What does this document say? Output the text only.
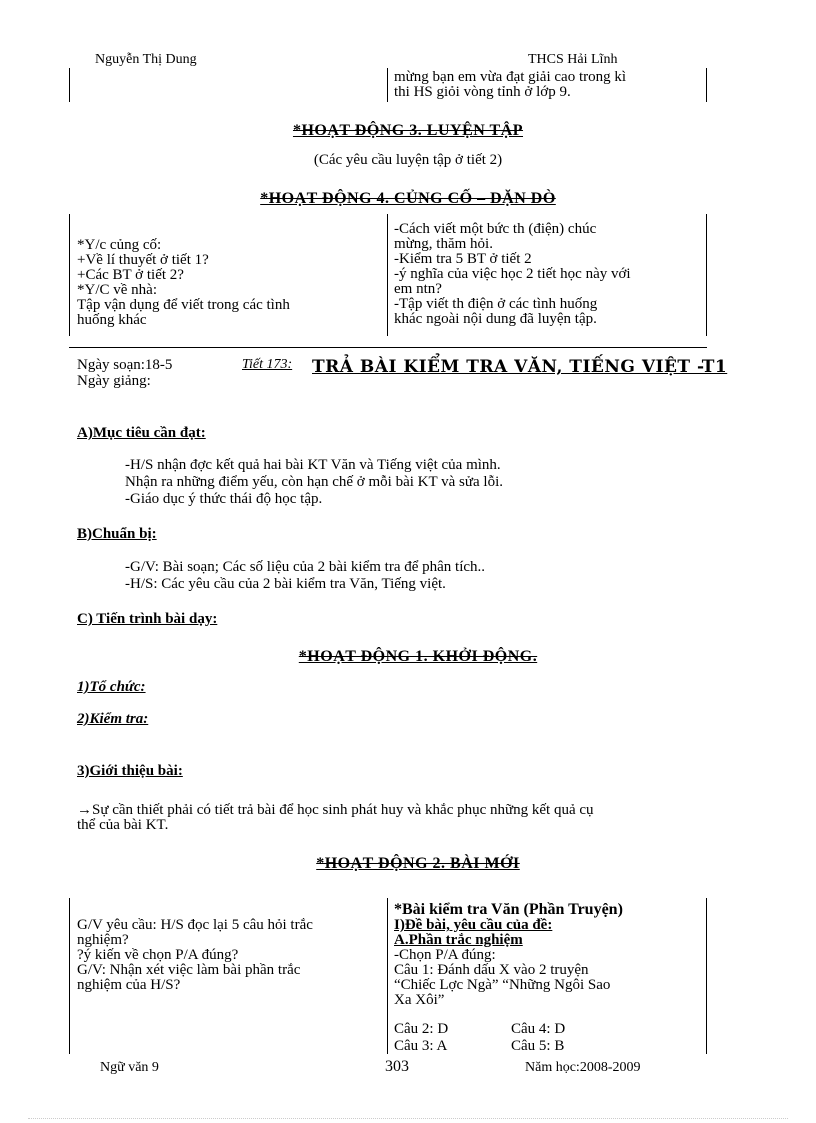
Nguyễn Thị Dung	THCS Hải Lĩnh
mừng bạn em vừa đạt giải cao trong kì
thi HS giỏi vòng tỉnh ở lớp 9.
*HOẠT ĐỘNG 3. LUYỆN TẬP
(Các yêu cầu luyện tập ở tiết 2)
*HOẠT ĐỘNG 4. CỦNG CỐ – DẶN DÒ
*Y/c củng cố:
+Về lí thuyết ở tiết 1?
+Các BT ở tiết 2?
*Y/C về nhà:
Tập vận dụng để viết trong các tình
huống khác
-Cách viết một bức th (điện) chúc
mừng, thăm hỏi.
-Kiểm tra 5 BT ở tiết 2
-ý nghĩa của việc học 2 tiết học này với
em ntn?
-Tập viết th điện ở các tình huống
khác ngoài nội dung đã luyện tập.
Ngày soạn:18-5
Ngày giảng:
Tiết 173: TRẢ BÀI KIỂM TRA VĂN, TIẾNG VIỆT -T1
A)Mục tiêu cần đạt:
-H/S nhận đợc kết quả hai bài KT Văn và Tiếng việt của mình.
Nhận ra những điểm yếu, còn hạn chế ở mỗi bài KT và sửa lỗi.
-Giáo dục ý thức thái độ học tập.
B)Chuẩn bị:
-G/V: Bài soạn; Các số liệu của 2 bài kiểm tra để phân tích..
-H/S: Các yêu cầu của 2 bài kiểm tra Văn, Tiếng việt.
C) Tiến trình bài dạy:
*HOẠT ĐỘNG 1. KHỞI ĐỘNG.
1)Tổ chức:
2)Kiểm tra:
3)Giới thiệu bài:
→Sự cần thiết phải có tiết trả bài để học sinh phát huy và khắc phục những kết quả cụ
thể của bài KT.
*HOẠT ĐỘNG 2. BÀI MỚI
G/V yêu cầu: H/S đọc lại 5 câu hỏi trắc
nghiệm?
?ý kiến về chọn P/A đúng?
G/V: Nhận xét việc làm bài phần trắc
nghiệm của H/S?
*Bài kiểm tra Văn (Phần Truyện)
I)Đề bài, yêu cầu của đề:
A.Phần trắc nghiệm
-Chọn P/A đúng:
Câu 1: Đánh dấu X vào 2 truyện
“Chiếc Lợc Ngà” “Những Ngôi Sao
Xa Xôi”
Câu 2: D	Câu 4: D
Câu 3: A	Câu 5: B
Ngữ văn 9	303	Năm học:2008-2009
